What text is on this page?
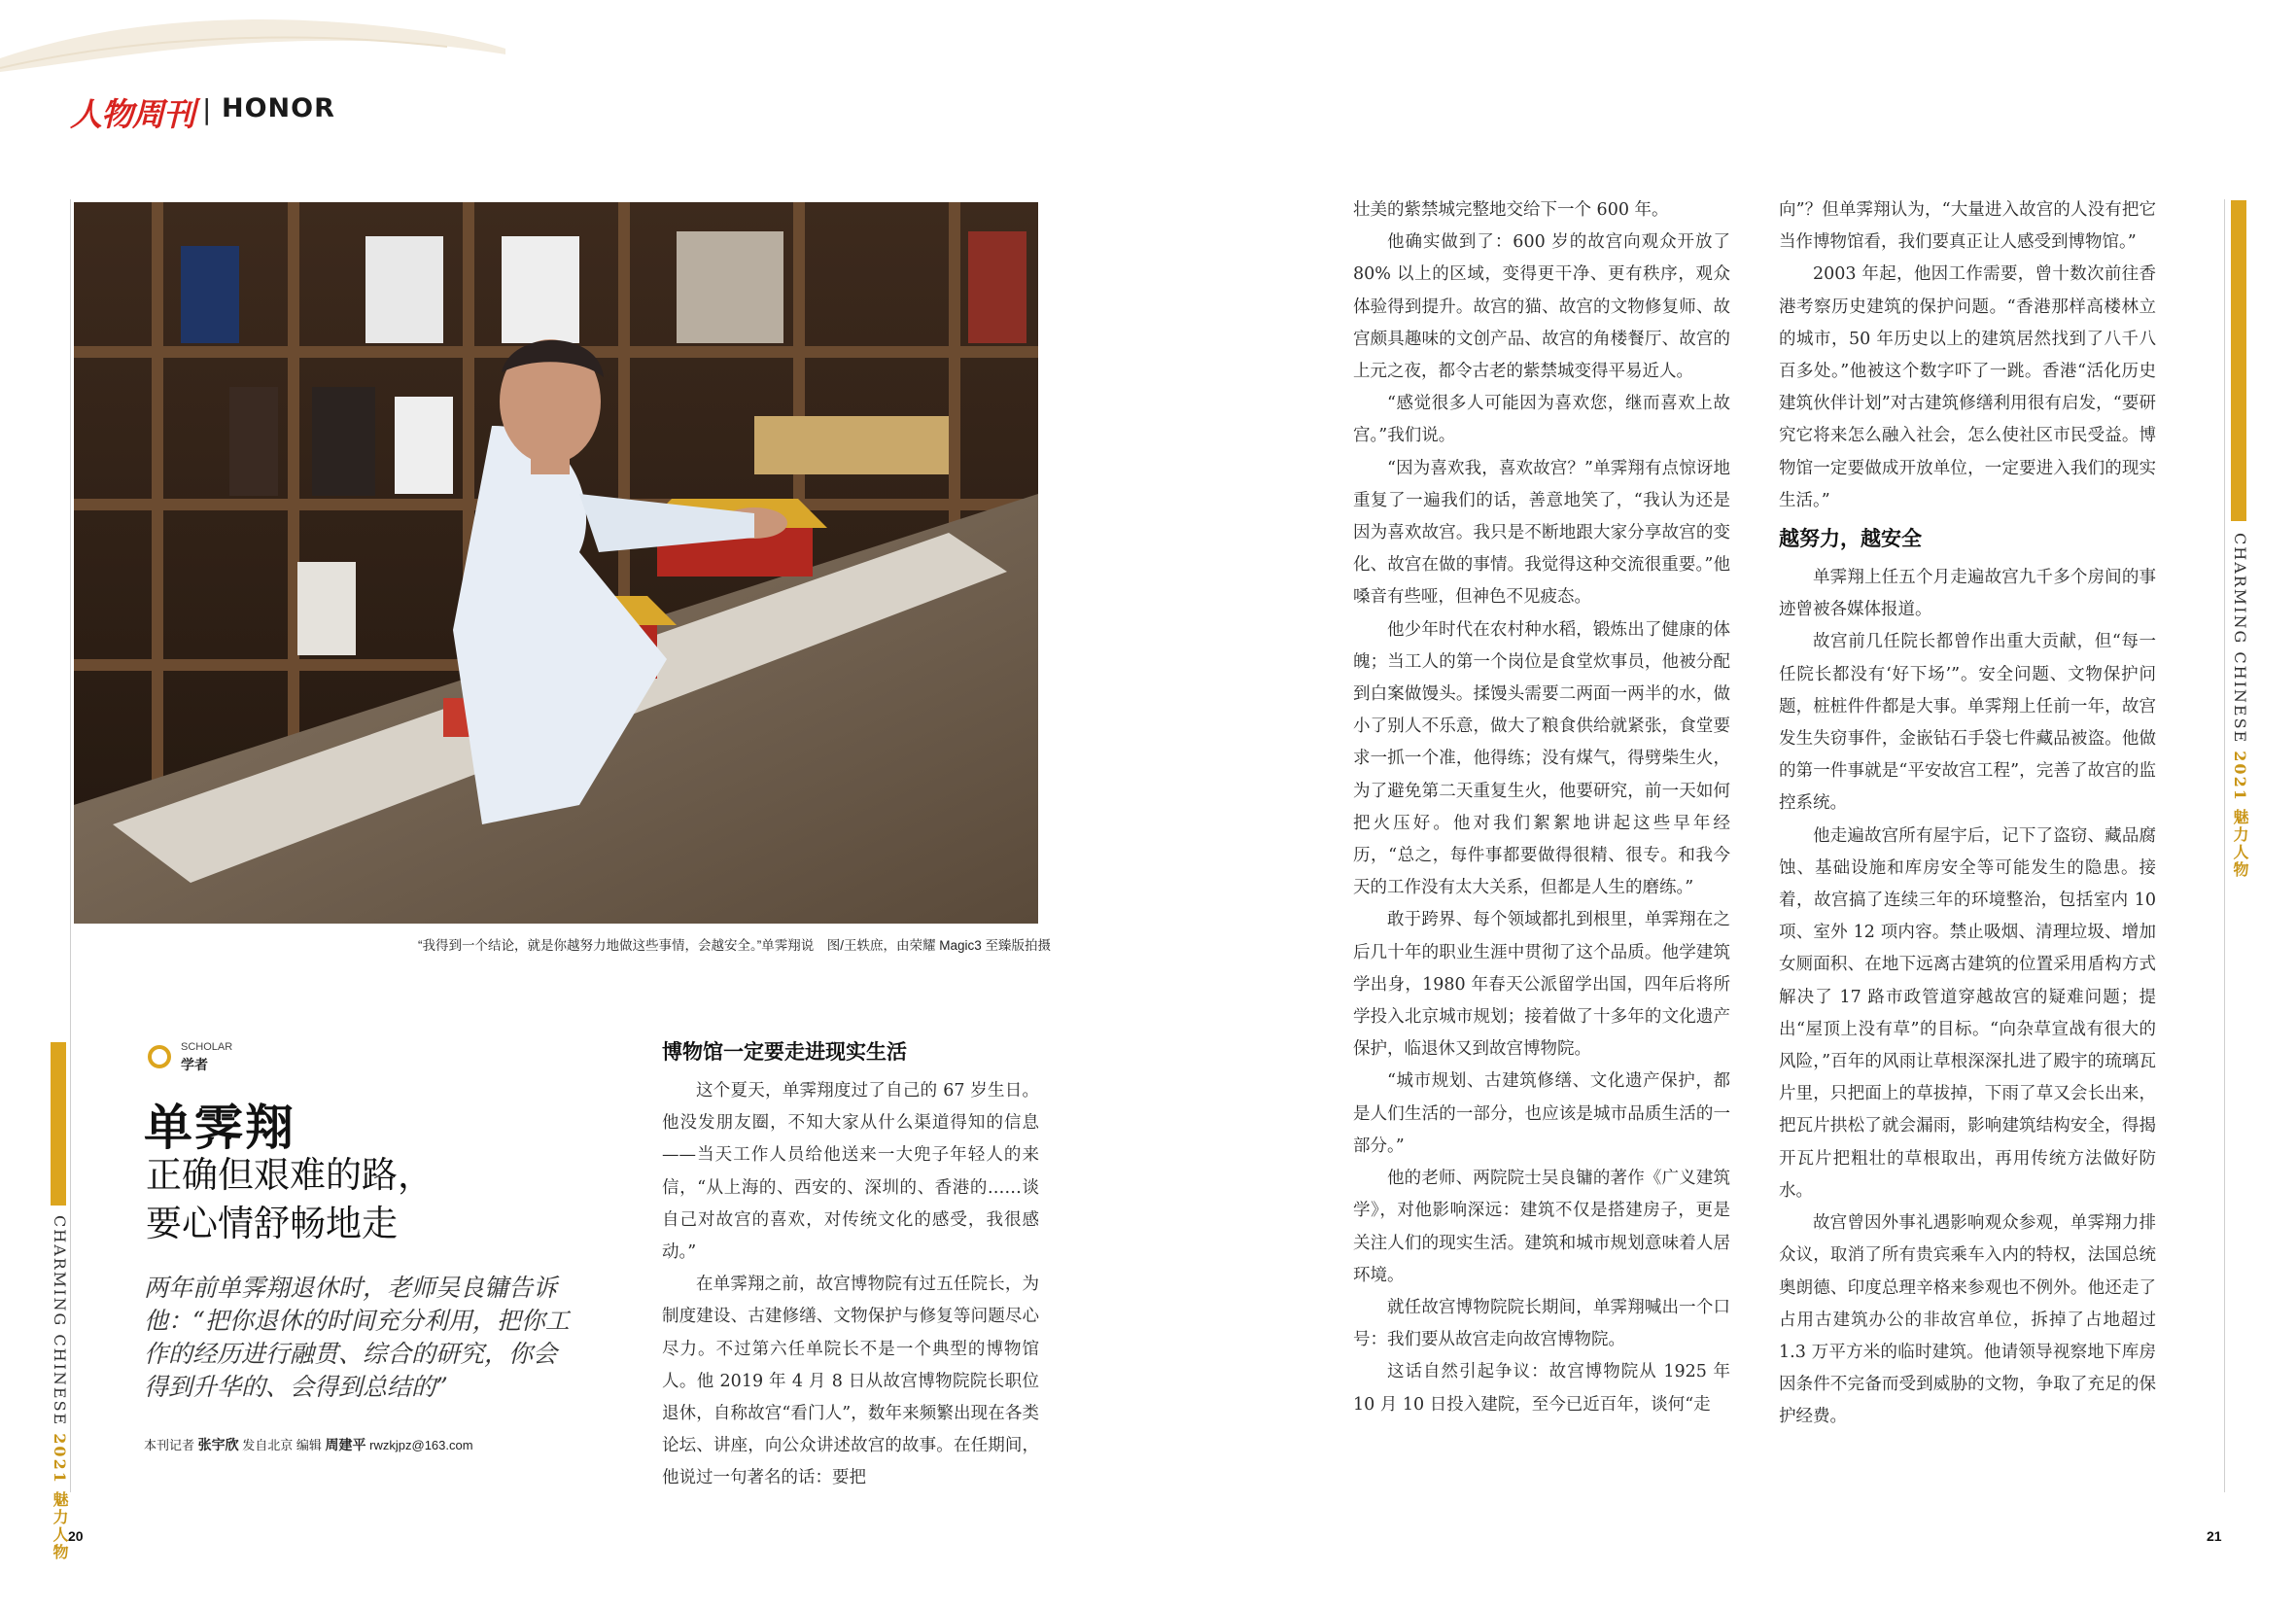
人物周刊 | HONOR
CHARMING CHINESE 2021 魅力人物
CHARMING CHINESE 2021 魅力人物
“我得到一个结论，就是你越努力地做这些事情，会越安全。”单霁翔说　图/王轶庶，由荣耀 Magic3 至臻版拍摄
SCHOLAR
学者
单霁翔
正确但艰难的路，
要心情舒畅地走
两年前单霁翔退休时，老师吴良镛告诉他：“把你退休的时间充分利用，把你工作的经历进行融贯、综合的研究，你会得到升华的、会得到总结的”
本刊记者 张宇欣 发自北京 编辑 周建平 rwzkjpz@163.com
博物馆一定要走进现实生活

这个夏天，单霁翔度过了自己的 67 岁生日。他没发朋友圈，不知大家从什么渠道得知的信息——当天工作人员给他送来一大兜子年轻人的来信，“从上海的、西安的、深圳的、香港的……谈自己对故宫的喜欢，对传统文化的感受，我很感动。”

在单霁翔之前，故宫博物院有过五任院长，为制度建设、古建修缮、文物保护与修复等问题尽心尽力。不过第六任单院长不是一个典型的博物馆人。他 2019 年 4 月 8 日从故宫博物院院长职位退休，自称故宫“看门人”，数年来频繁出现在各类论坛、讲座，向公众讲述故宫的故事。在任期间，他说过一句著名的话：要把

壮美的紫禁城完整地交给下一个 600 年。

他确实做到了：600 岁的故宫向观众开放了 80% 以上的区域，变得更干净、更有秩序，观众体验得到提升。故宫的猫、故宫的文物修复师、故宫颇具趣味的文创产品、故宫的角楼餐厅、故宫的上元之夜，都令古老的紫禁城变得平易近人。

“感觉很多人可能因为喜欢您，继而喜欢上故宫。”我们说。

“因为喜欢我，喜欢故宫？”单霁翔有点惊讶地重复了一遍我们的话，善意地笑了，“我认为还是因为喜欢故宫。我只是不断地跟大家分享故宫的变化、故宫在做的事情。我觉得这种交流很重要。”他嗓音有些哑，但神色不见疲态。

他少年时代在农村种水稻，锻炼出了健康的体魄；当工人的第一个岗位是食堂炊事员，他被分配到白案做馒头。揉馒头需要二两面一两半的水，做小了别人不乐意，做大了粮食供给就紧张，食堂要求一抓一个准，他得练；没有煤气，得劈柴生火，为了避免第二天重复生火，他要研究，前一天如何把火压好。他对我们絮絮地讲起这些早年经历，“总之，每件事都要做得很精、很专。和我今天的工作没有太大关系，但都是人生的磨练。”

敢于跨界、每个领域都扎到根里，单霁翔在之后几十年的职业生涯中贯彻了这个品质。他学建筑学出身，1980 年春天公派留学出国，四年后将所学投入北京城市规划；接着做了十多年的文化遗产保护，临退休又到故宫博物院。

“城市规划、古建筑修缮、文化遗产保护，都是人们生活的一部分，也应该是城市品质生活的一部分。”

他的老师、两院院士吴良镛的著作《广义建筑学》，对他影响深远：建筑不仅是搭建房子，更是关注人们的现实生活。建筑和城市规划意味着人居环境。

就任故宫博物院院长期间，单霁翔喊出一个口号：我们要从故宫走向故宫博物院。

这话自然引起争议：故宫博物院从 1925 年 10 月 10 日投入建院，至今已近百年，谈何“走

向”？但单霁翔认为，“大量进入故宫的人没有把它当作博物馆看，我们要真正让人感受到博物馆。”

2003 年起，他因工作需要，曾十数次前往香港考察历史建筑的保护问题。“香港那样高楼林立的城市，50 年历史以上的建筑居然找到了八千八百多处。”他被这个数字吓了一跳。香港“活化历史建筑伙伴计划”对古建筑修缮利用很有启发，“要研究它将来怎么融入社会，怎么使社区市民受益。博物馆一定要做成开放单位，一定要进入我们的现实生活。”

越努力，越安全

单霁翔上任五个月走遍故宫九千多个房间的事迹曾被各媒体报道。

故宫前几任院长都曾作出重大贡献，但“每一任院长都没有‘好下场’”。安全问题、文物保护问题，桩桩件件都是大事。单霁翔上任前一年，故宫发生失窃事件，金嵌钻石手袋七件藏品被盗。他做的第一件事就是“平安故宫工程”，完善了故宫的监控系统。

他走遍故宫所有屋宇后，记下了盗窃、藏品腐蚀、基础设施和库房安全等可能发生的隐患。接着，故宫搞了连续三年的环境整治，包括室内 10 项、室外 12 项内容。禁止吸烟、清理垃圾、增加女厕面积、在地下远离古建筑的位置采用盾构方式解决了 17 路市政管道穿越故宫的疑难问题；提出“屋顶上没有草”的目标。“向杂草宣战有很大的风险，”百年的风雨让草根深深扎进了殿宇的琉璃瓦片里，只把面上的草拔掉，下雨了草又会长出来，把瓦片拱松了就会漏雨，影响建筑结构安全，得揭开瓦片把粗壮的草根取出，再用传统方法做好防水。

故宫曾因外事礼遇影响观众参观，单霁翔力排众议，取消了所有贵宾乘车入内的特权，法国总统奥朗德、印度总理辛格来参观也不例外。他还走了占用古建筑办公的非故宫单位，拆掉了占地超过 1.3 万平方米的临时建筑。他请领导视察地下库房因条件不完备而受到威胁的文物，争取了充足的保护经费。

20	21
